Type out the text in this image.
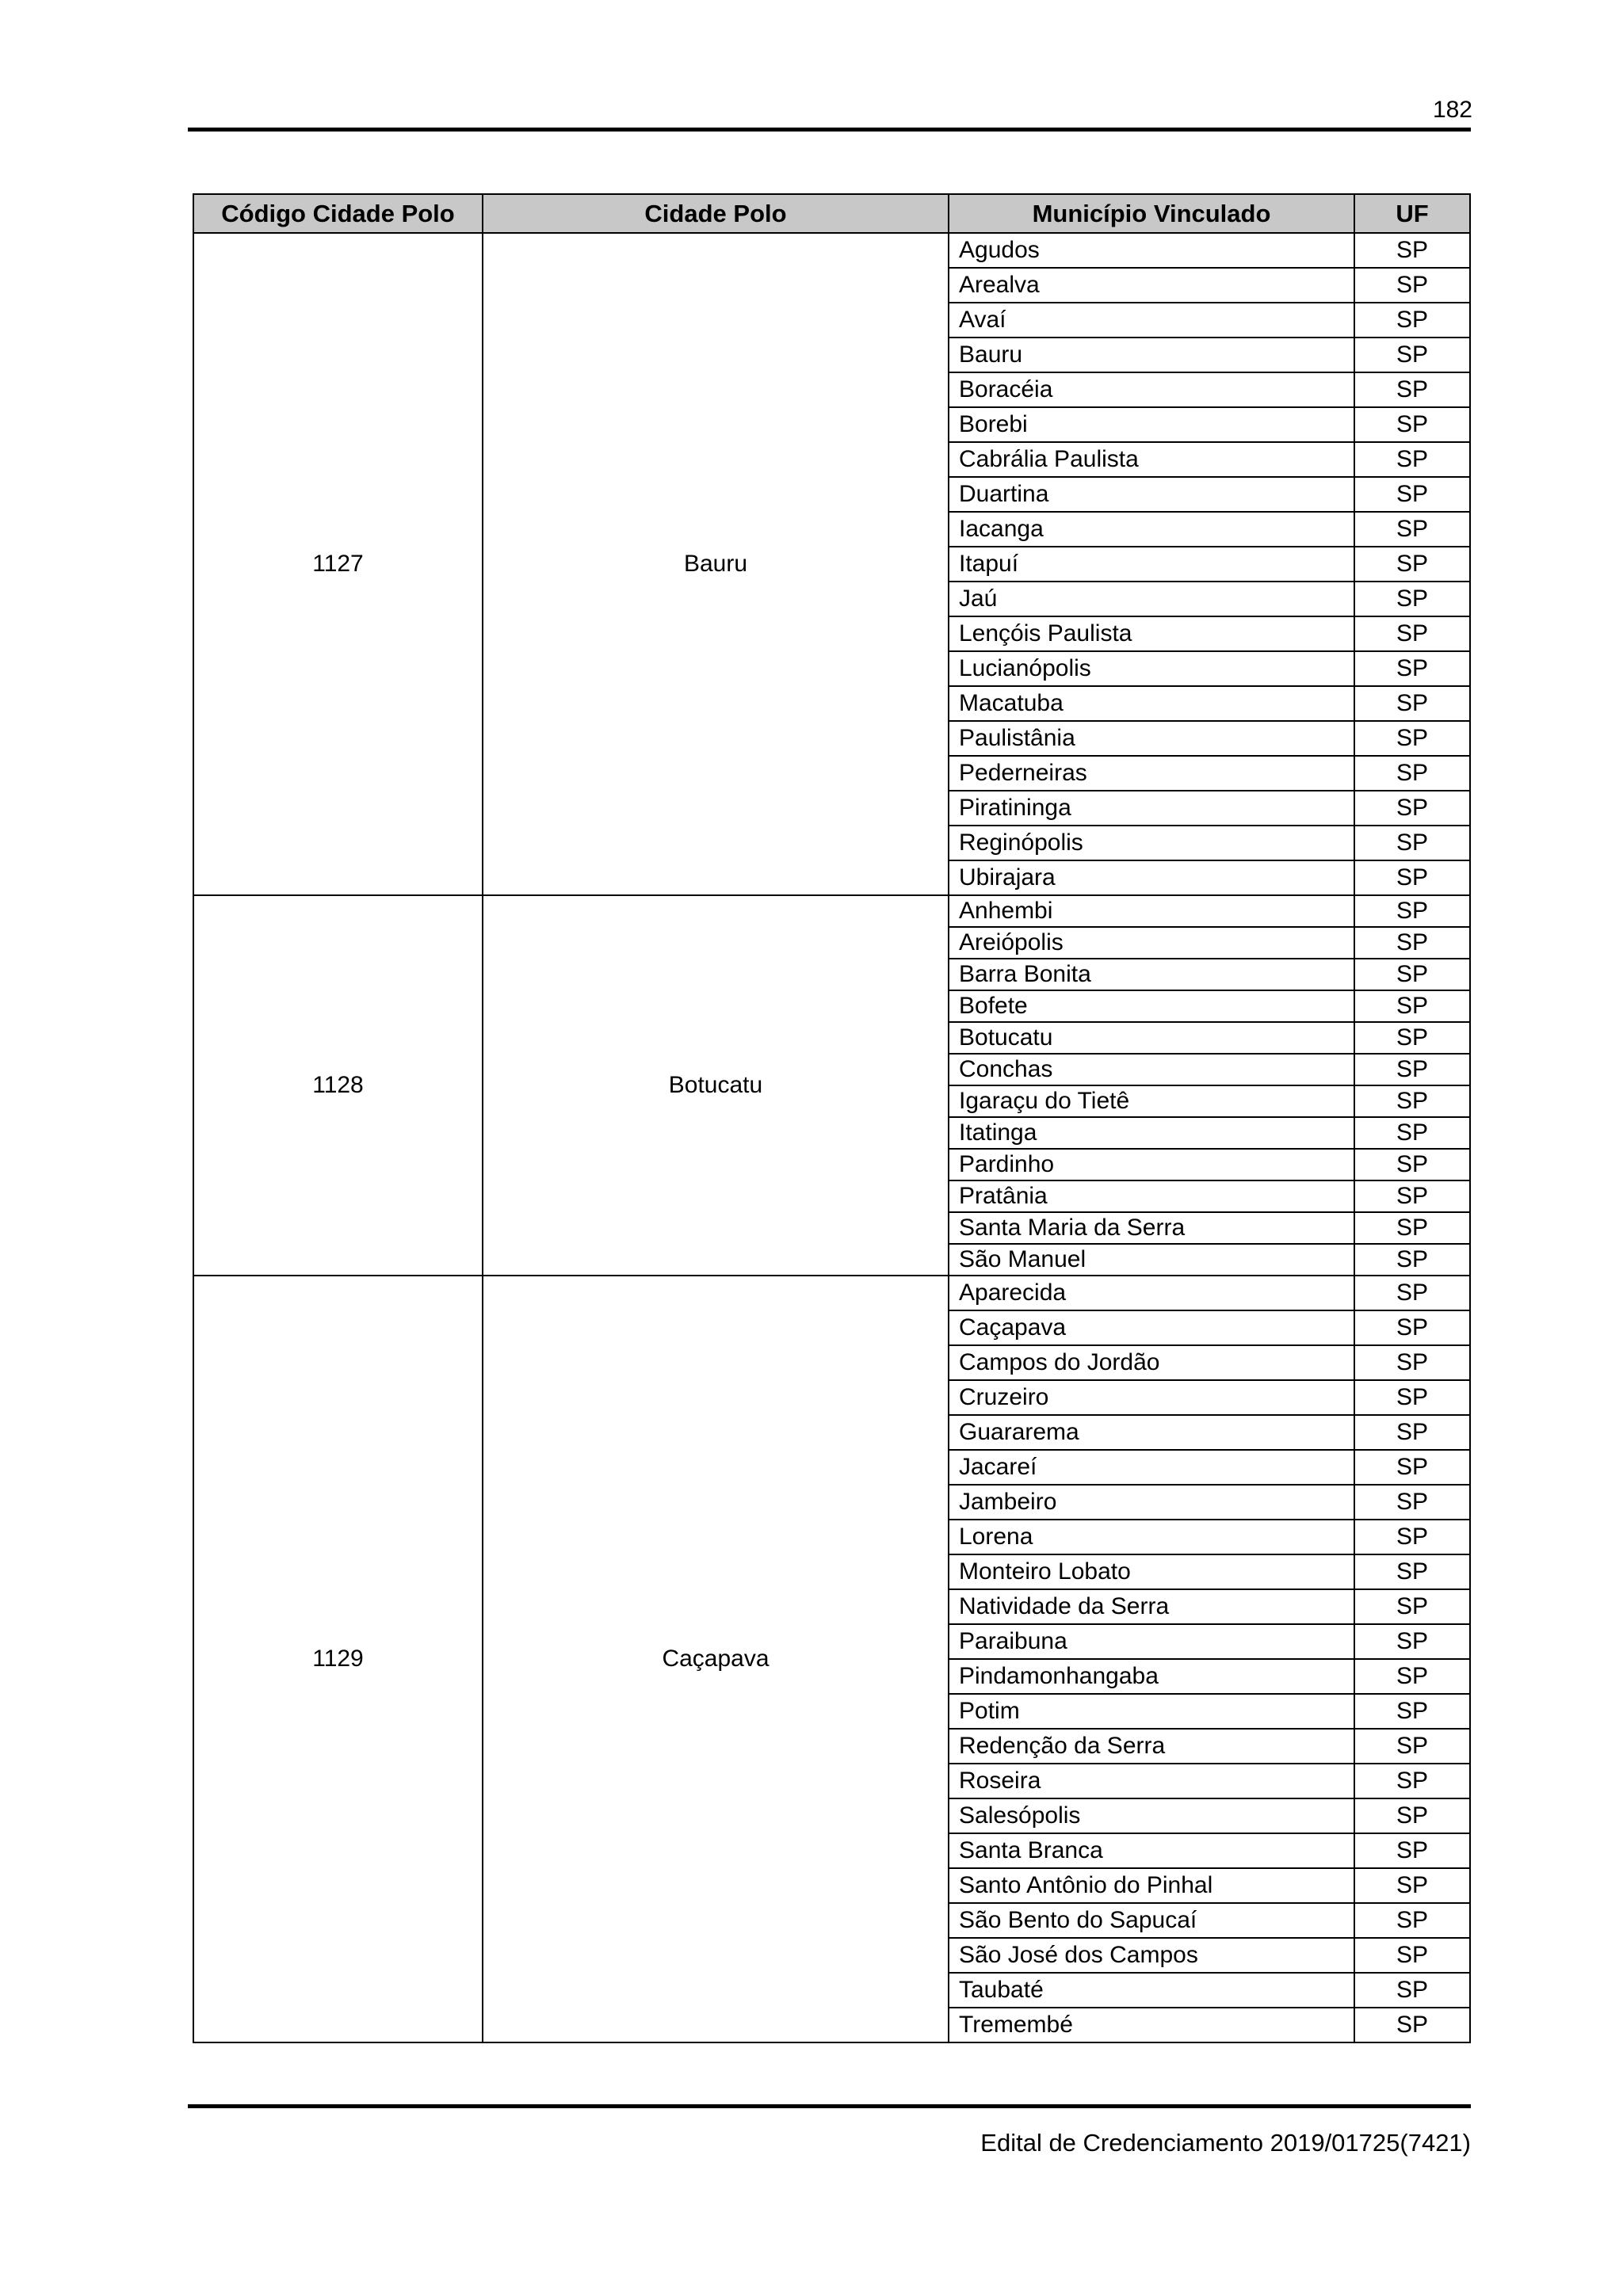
182
Código Cidade Polo	Cidade Polo	Município Vinculado	UF
1127	Bauru	Agudos	SP
		Arealva	SP
		Avaí	SP
		Bauru	SP
		Boracéia	SP
		Borebi	SP
		Cabrália Paulista	SP
		Duartina	SP
		Iacanga	SP
		Itapuí	SP
		Jaú	SP
		Lençóis Paulista	SP
		Lucianópolis	SP
		Macatuba	SP
		Paulistânia	SP
		Pederneiras	SP
		Piratininga	SP
		Reginópolis	SP
		Ubirajara	SP
1128	Botucatu	Anhembi	SP
		Areiópolis	SP
		Barra Bonita	SP
		Bofete	SP
		Botucatu	SP
		Conchas	SP
		Igaraçu do Tietê	SP
		Itatinga	SP
		Pardinho	SP
		Pratânia	SP
		Santa Maria da Serra	SP
		São Manuel	SP
1129	Caçapava	Aparecida	SP
		Caçapava	SP
		Campos do Jordão	SP
		Cruzeiro	SP
		Guararema	SP
		Jacareí	SP
		Jambeiro	SP
		Lorena	SP
		Monteiro Lobato	SP
		Natividade da Serra	SP
		Paraibuna	SP
		Pindamonhangaba	SP
		Potim	SP
		Redenção da Serra	SP
		Roseira	SP
		Salesópolis	SP
		Santa Branca	SP
		Santo Antônio do Pinhal	SP
		São Bento do Sapucaí	SP
		São José dos Campos	SP
		Taubaté	SP
		Tremembé	SP
Edital de Credenciamento 2019/01725(7421)
